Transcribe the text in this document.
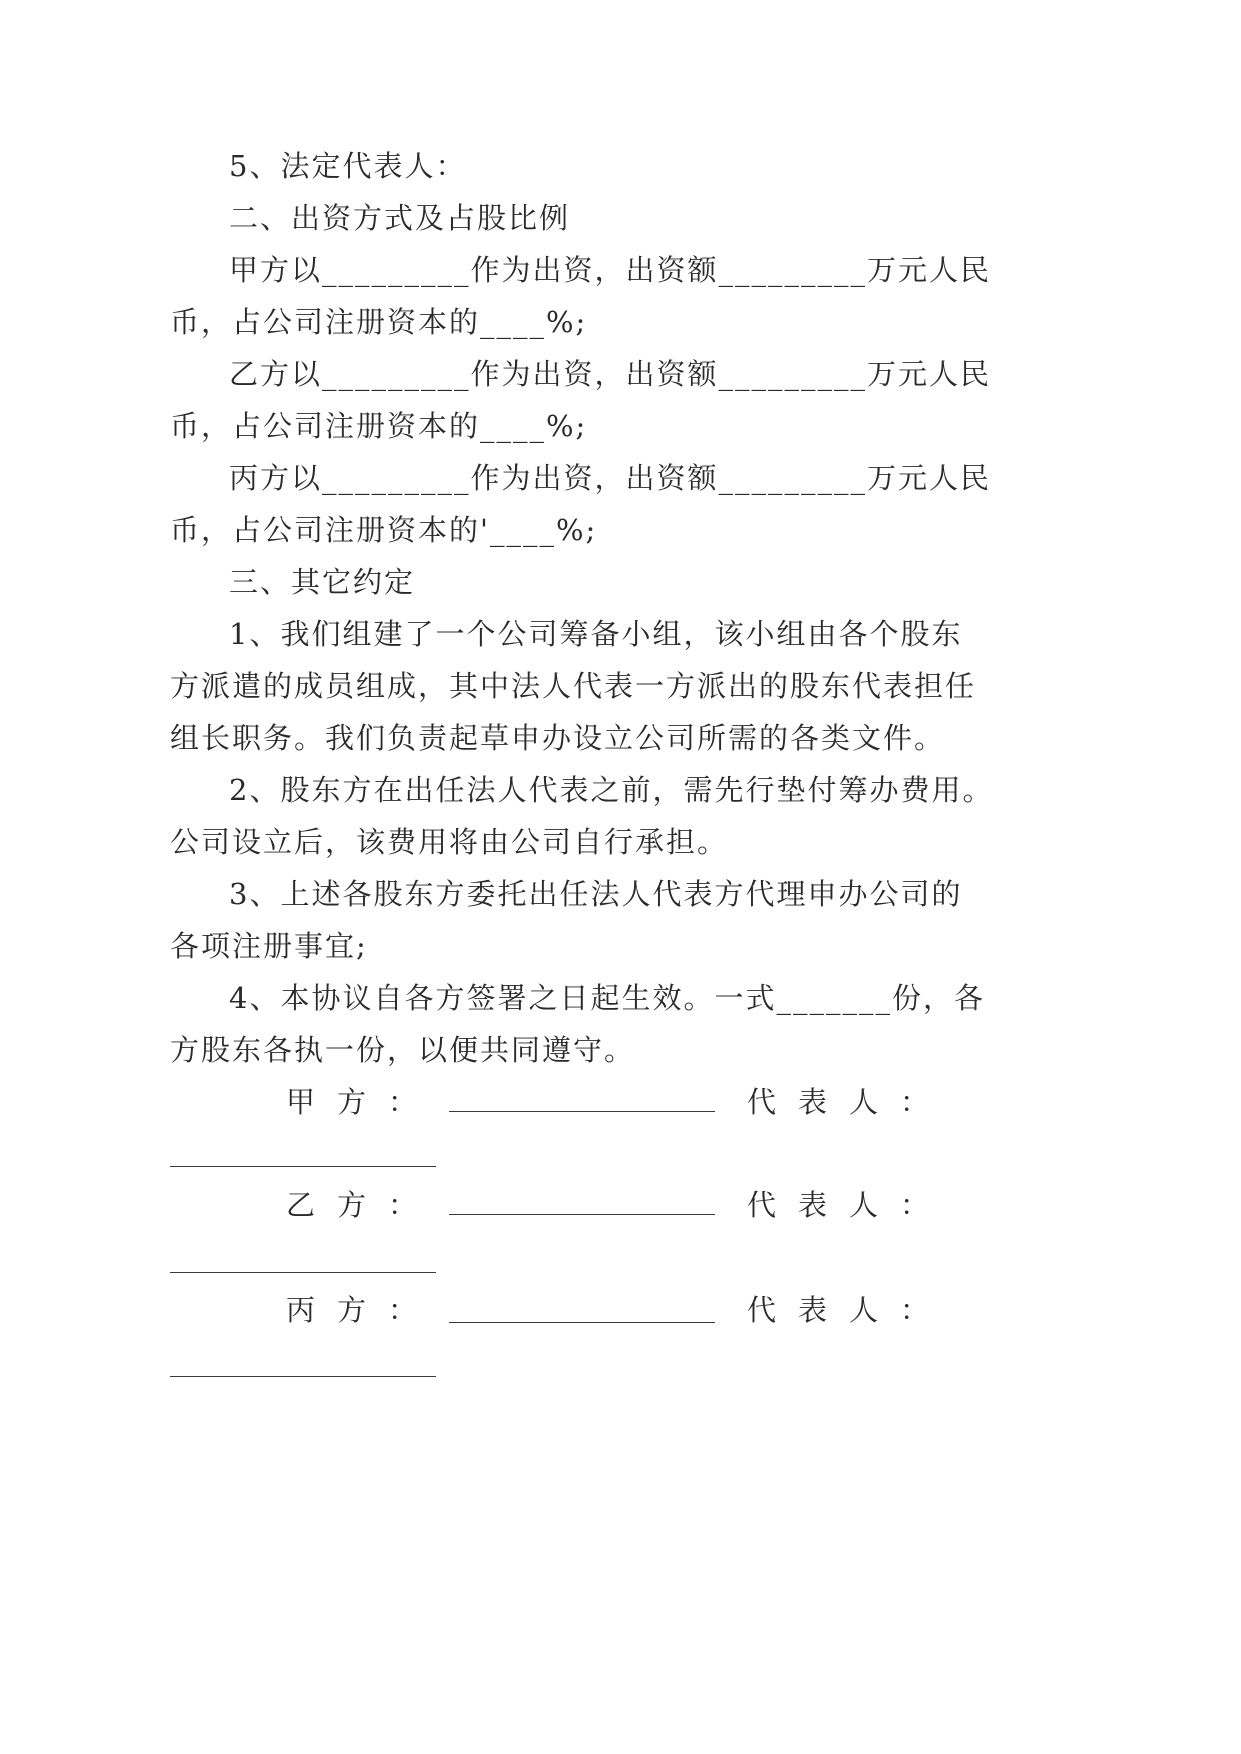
5、法定代表人：
二、出资方式及占股比例
甲方以_________作为出资，出资额_________万元人民
币，占公司注册资本的____%;
乙方以_________作为出资，出资额_________万元人民
币，占公司注册资本的____%;
丙方以_________作为出资，出资额_________万元人民
币，占公司注册资本的'____%;
三、其它约定
1、我们组建了一个公司筹备小组，该小组由各个股东
方派遣的成员组成，其中法人代表一方派出的股东代表担任
组长职务。我们负责起草申办设立公司所需的各类文件。
2、股东方在出任法人代表之前，需先行垫付筹办费用。
公司设立后，该费用将由公司自行承担。
3、上述各股东方委托出任法人代表方代理申办公司的
各项注册事宜;
4、本协议自各方签署之日起生效。一式_______份，各
方股东各执一份，以便共同遵守。
甲方：	代表人：
乙方：	代表人：
丙方：	代表人：
